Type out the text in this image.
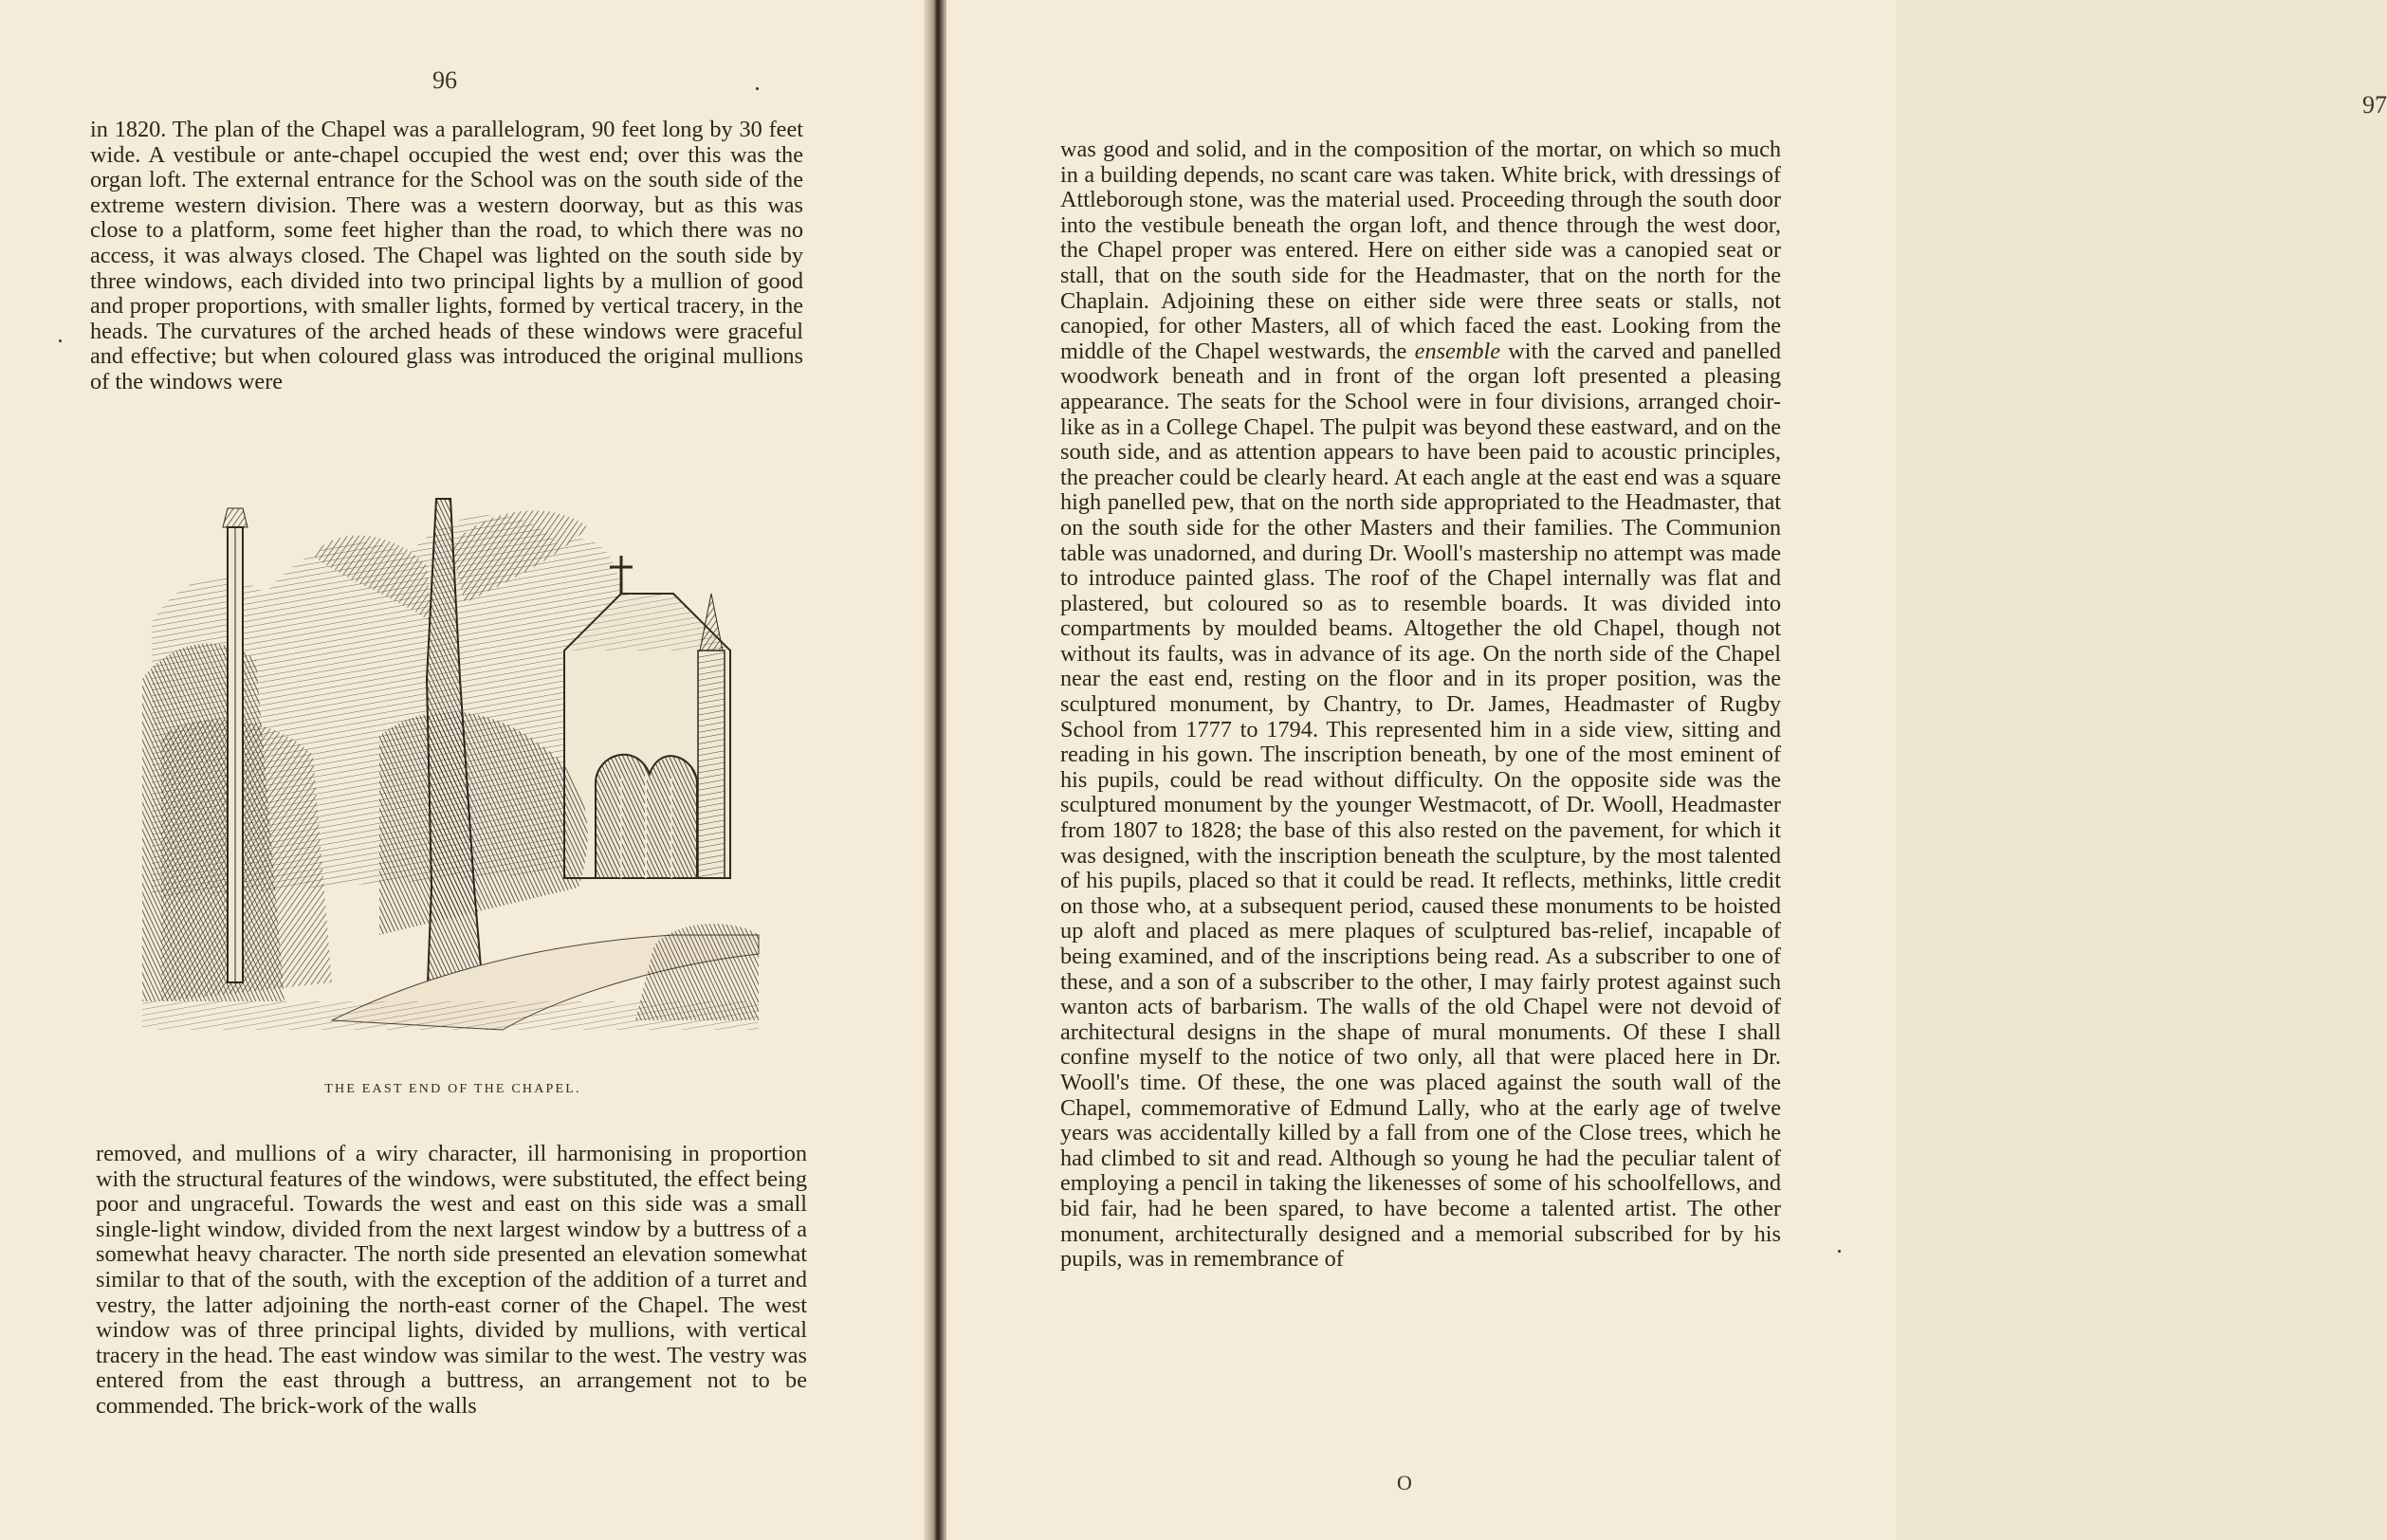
96

in 1820. The plan of the Chapel was a parallelogram, 90 feet long by 30 feet wide. A vestibule or ante-chapel occupied the west end; over this was the organ loft. The external entrance for the School was on the south side of the extreme western division. There was a western doorway, but as this was close to a platform, some feet higher than the road, to which there was no access, it was always closed. The Chapel was lighted on the south side by three windows, each divided into two principal lights by a mullion of good and proper proportions, with smaller lights, formed by vertical tracery, in the heads. The curvatures of the arched heads of these windows were graceful and effective; but when coloured glass was introduced the original mullions of the windows were

THE EAST END OF THE CHAPEL.

removed, and mullions of a wiry character, ill harmonising in proportion with the structural features of the windows, were substituted, the effect being poor and ungraceful. Towards the west and east on this side was a small single-light window, divided from the next largest window by a buttress of a somewhat heavy character. The north side presented an elevation somewhat similar to that of the south, with the exception of the addition of a turret and vestry, the latter adjoining the north-east corner of the Chapel. The west window was of three principal lights, divided by mullions, with vertical tracery in the head. The east window was similar to the west. The vestry was entered from the east through a buttress, an arrangement not to be commended. The brick-work of the walls

97

was good and solid, and in the composition of the mortar, on which so much in a building depends, no scant care was taken. White brick, with dressings of Attleborough stone, was the material used. Proceeding through the south door into the vestibule beneath the organ loft, and thence through the west door, the Chapel proper was entered. Here on either side was a canopied seat or stall, that on the south side for the Headmaster, that on the north for the Chaplain. Adjoining these on either side were three seats or stalls, not canopied, for other Masters, all of which faced the east. Looking from the middle of the Chapel westwards, the ensemble with the carved and panelled woodwork beneath and in front of the organ loft presented a pleasing appearance. The seats for the School were in four divisions, arranged choir-like as in a College Chapel. The pulpit was beyond these eastward, and on the south side, and as attention appears to have been paid to acoustic principles, the preacher could be clearly heard. At each angle at the east end was a square high panelled pew, that on the north side appropriated to the Headmaster, that on the south side for the other Masters and their families. The Communion table was unadorned, and during Dr. Wooll's mastership no attempt was made to introduce painted glass. The roof of the Chapel internally was flat and plastered, but coloured so as to resemble boards. It was divided into compartments by moulded beams. Altogether the old Chapel, though not without its faults, was in advance of its age. On the north side of the Chapel near the east end, resting on the floor and in its proper position, was the sculptured monument, by Chantry, to Dr. James, Headmaster of Rugby School from 1777 to 1794. This represented him in a side view, sitting and reading in his gown. The inscription beneath, by one of the most eminent of his pupils, could be read without difficulty. On the opposite side was the sculptured monument by the younger Westmacott, of Dr. Wooll, Headmaster from 1807 to 1828; the base of this also rested on the pavement, for which it was designed, with the inscription beneath the sculpture, by the most talented of his pupils, placed so that it could be read. It reflects, methinks, little credit on those who, at a subsequent period, caused these monuments to be hoisted up aloft and placed as mere plaques of sculptured bas-relief, incapable of being examined, and of the inscriptions being read. As a subscriber to one of these, and a son of a subscriber to the other, I may fairly protest against such wanton acts of barbarism. The walls of the old Chapel were not devoid of architectural designs in the shape of mural monuments. Of these I shall confine myself to the notice of two only, all that were placed here in Dr. Wooll's time. Of these, the one was placed against the south wall of the Chapel, commemorative of Edmund Lally, who at the early age of twelve years was accidentally killed by a fall from one of the Close trees, which he had climbed to sit and read. Although so young he had the peculiar talent of employing a pencil in taking the likenesses of some of his schoolfellows, and bid fair, had he been spared, to have become a talented artist. The other monument, architecturally designed and a memorial subscribed for by his pupils, was in remembrance of

O
